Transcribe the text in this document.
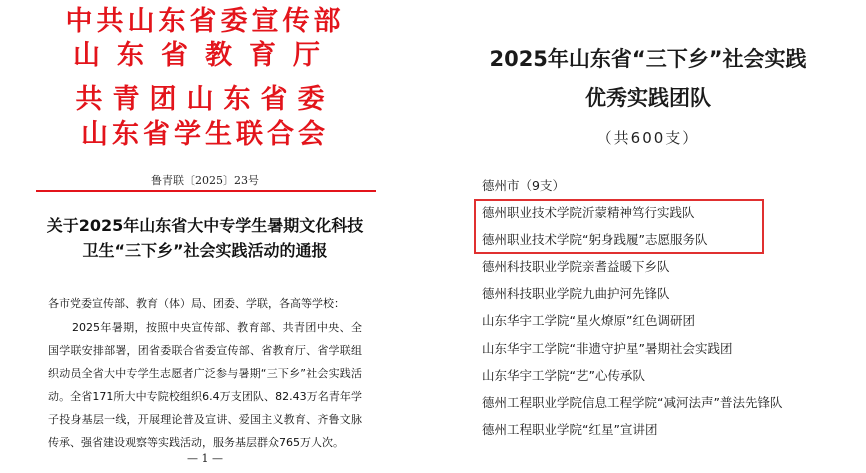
中共山东省委宣传部
山东省教育厅
共青团山东省委
山东省学生联合会
鲁青联〔2025〕23号
关于2025年山东省大中专学生暑期文化科技
卫生“三下乡”社会实践活动的通报
各市党委宣传部、教育（体）局、团委、学联，各高等学校：
2025年暑期，按照中央宣传部、教育部、共青团中央、全国学联安排部署，团省委联合省委宣传部、省教育厅、省学联组织动员全省大中专学生志愿者广泛参与暑期“三下乡”社会实践活动。全省171所大中专院校组织6.4万支团队、82.43万名青年学子投身基层一线，开展理论普及宣讲、爱国主义教育、齐鲁文脉传承、强省建设观察等实践活动，服务基层群众765万人次。
— 1 —
2025年山东省“三下乡”社会实践
优秀实践团队
（共600支）
德州市（9支）
德州职业技术学院沂蒙精神笃行实践队
德州职业技术学院“躬身践履”志愿服务队
德州科技职业学院亲耆益暖下乡队
德州科技职业学院九曲护河先锋队
山东华宇工学院“星火燎原”红色调研团
山东华宇工学院“非遗守护星”暑期社会实践团
山东华宇工学院“艺”心传承队
德州工程职业学院信息工程学院“减河法声”普法先锋队
德州工程职业学院“红星”宣讲团
